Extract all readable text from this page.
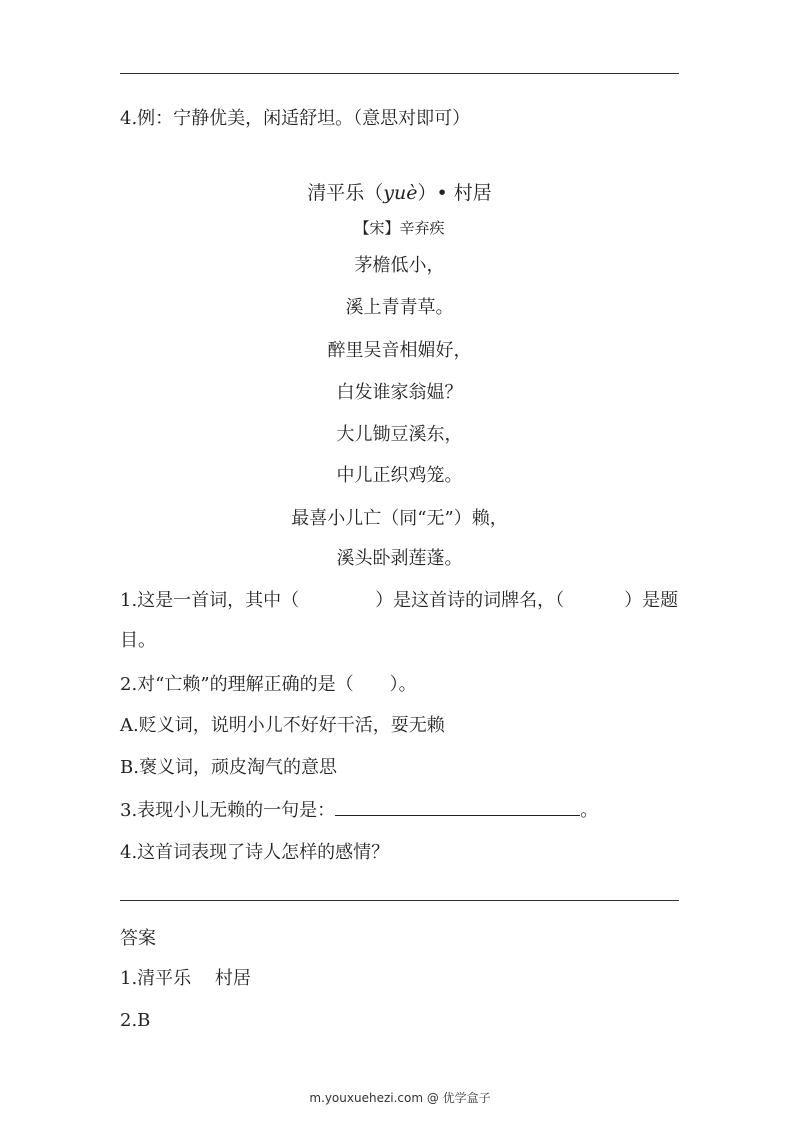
4.例：宁静优美，闲适舒坦。（意思对即可）
清平乐（yuè）• 村居
【宋】辛弃疾
茅檐低小，
溪上青青草。
醉里吴音相媚好，
白发谁家翁媪？
大儿锄豆溪东，
中儿正织鸡笼。
最喜小儿亡（同“无”）赖，
溪头卧剥莲蓬。
1.这是一首词，其中（	）是这首诗的词牌名，（	）是题
目。
2.对“亡赖”的理解正确的是（　　）。
A.贬义词，说明小儿不好好干活，耍无赖
B.褒义词，顽皮淘气的意思
3.表现小儿无赖的一句是：	。
4.这首词表现了诗人怎样的感情？
答案
1.清平乐　 村居
2.B
m.youxuehezi.com @ 优学盒子
